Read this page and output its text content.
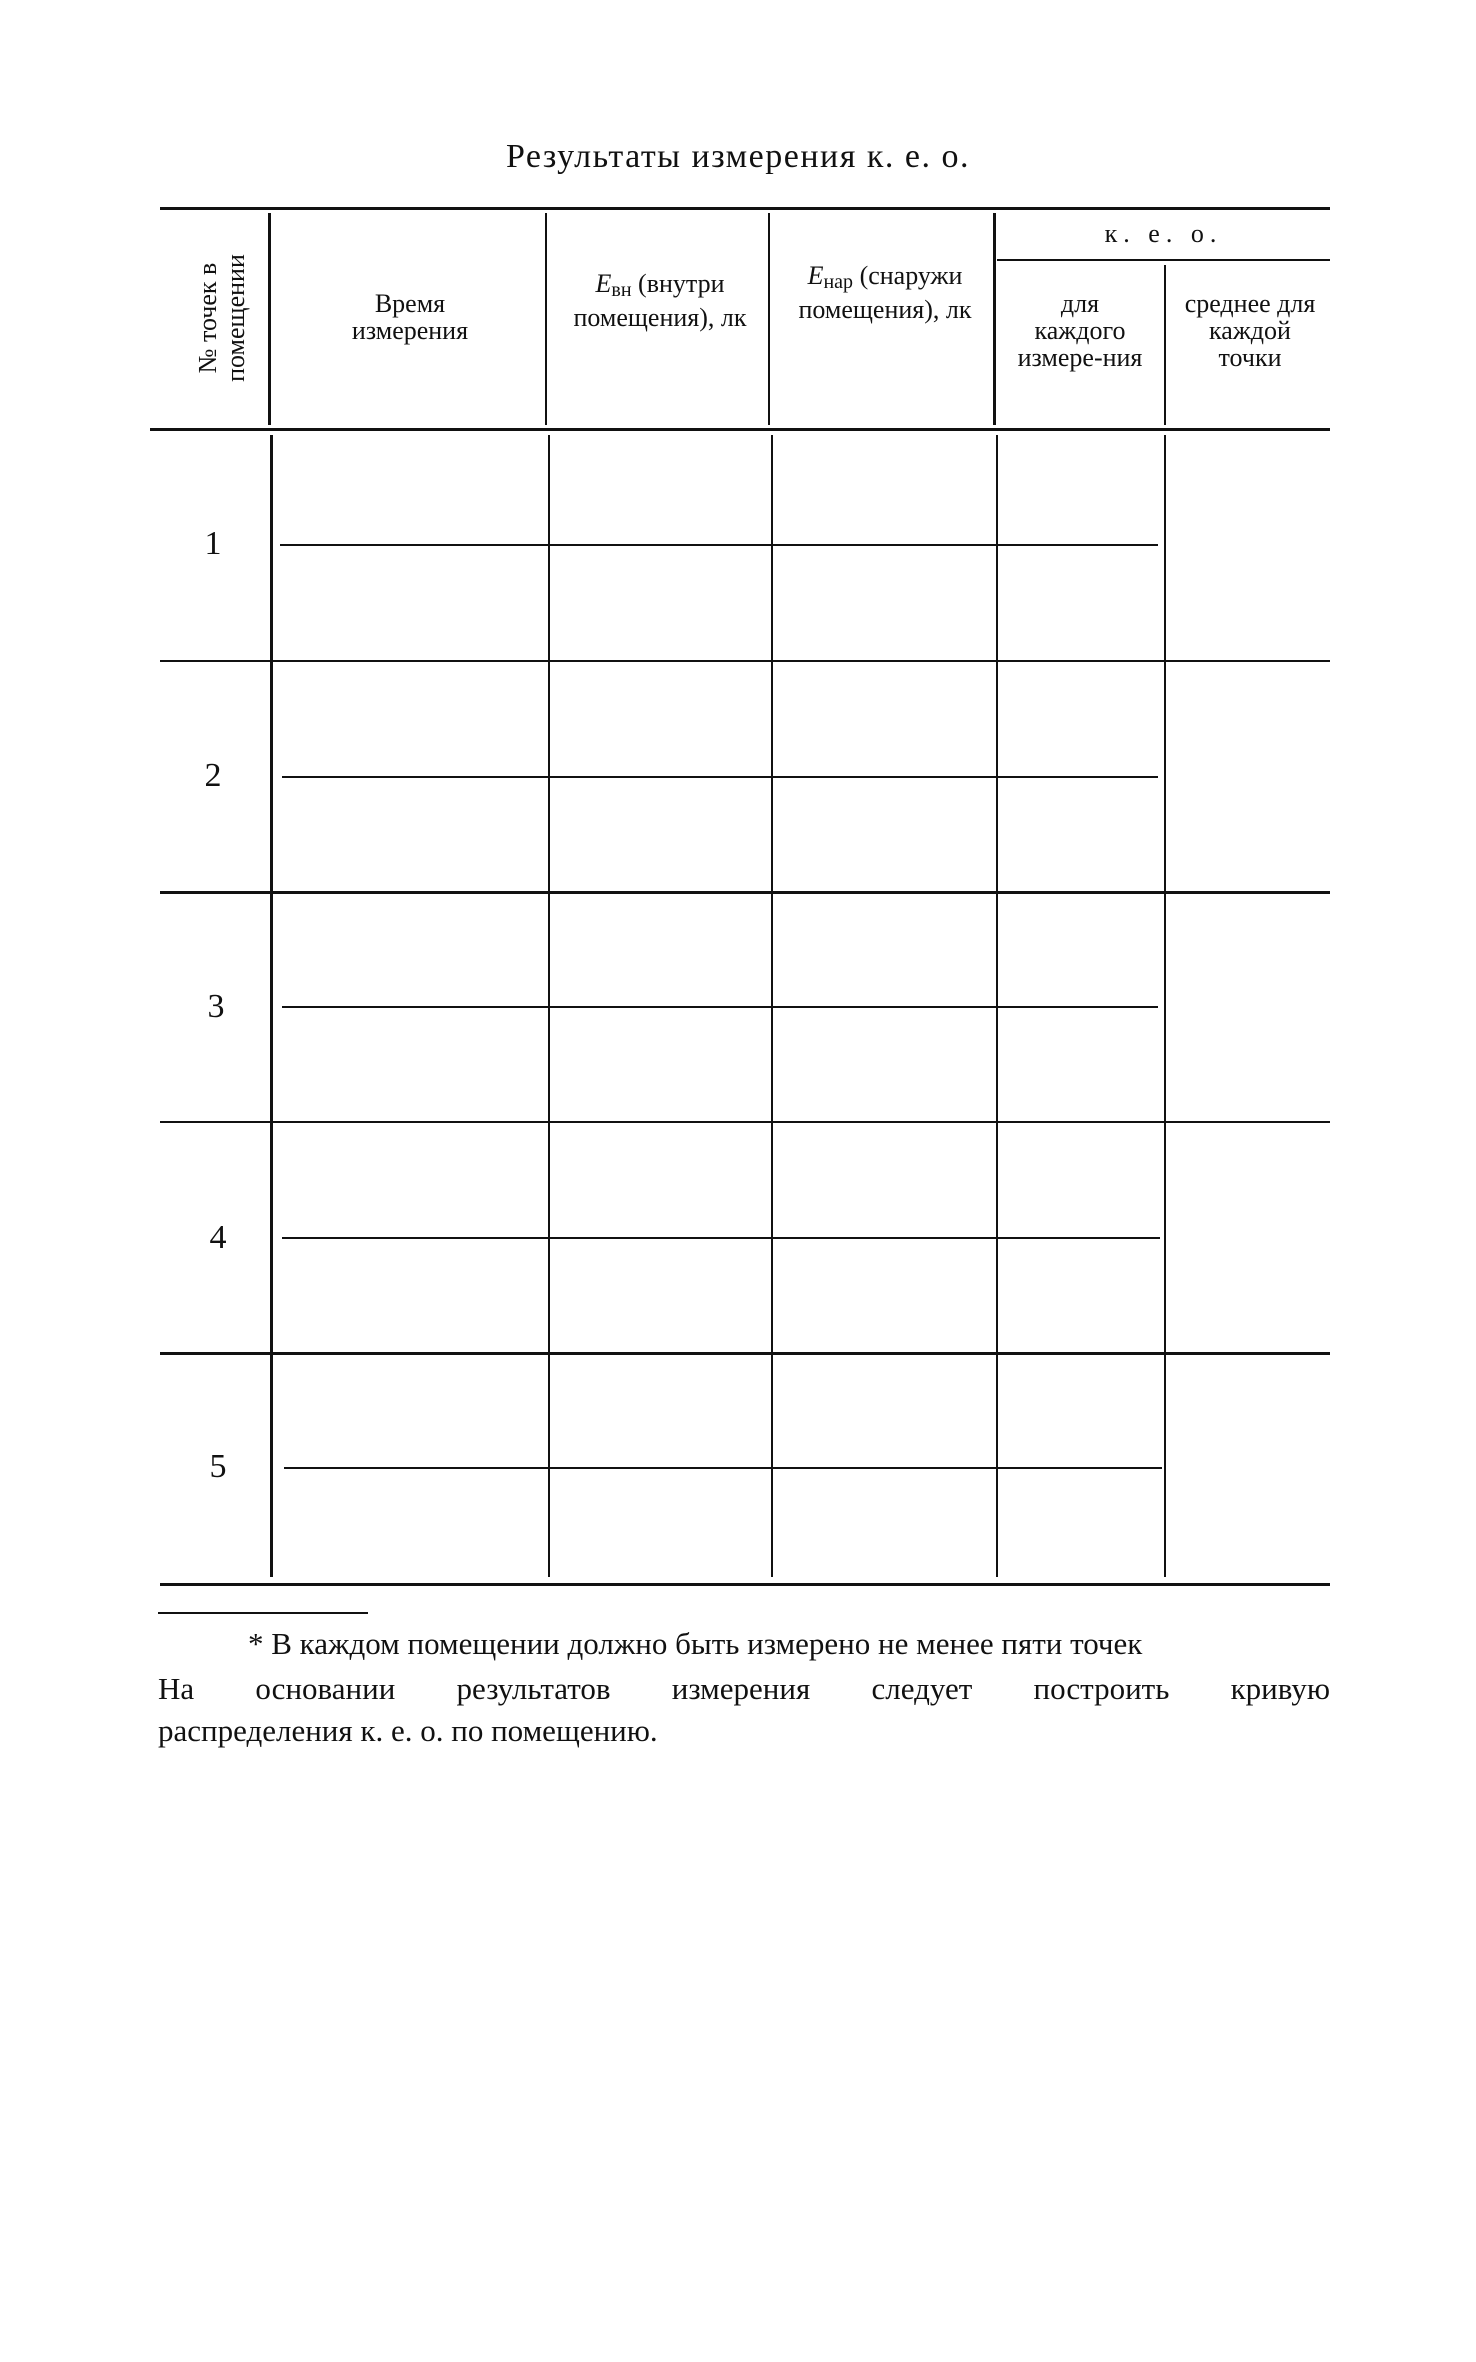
Результаты измерения к. е. о.
№ точек в помещении	Время измерения
$E_{вн}$ (внутри помещения), лк
$E_{нар}$ (снаружи помещения), лк
к. е. о.
для каждого измере-ния
среднее для каждой точки
1
2
3
4
5
* В каждом помещении должно быть измерено не менее пяти точек

На основании результатов измерения следует построить кривую

распределения к. е. о. по помещению.
